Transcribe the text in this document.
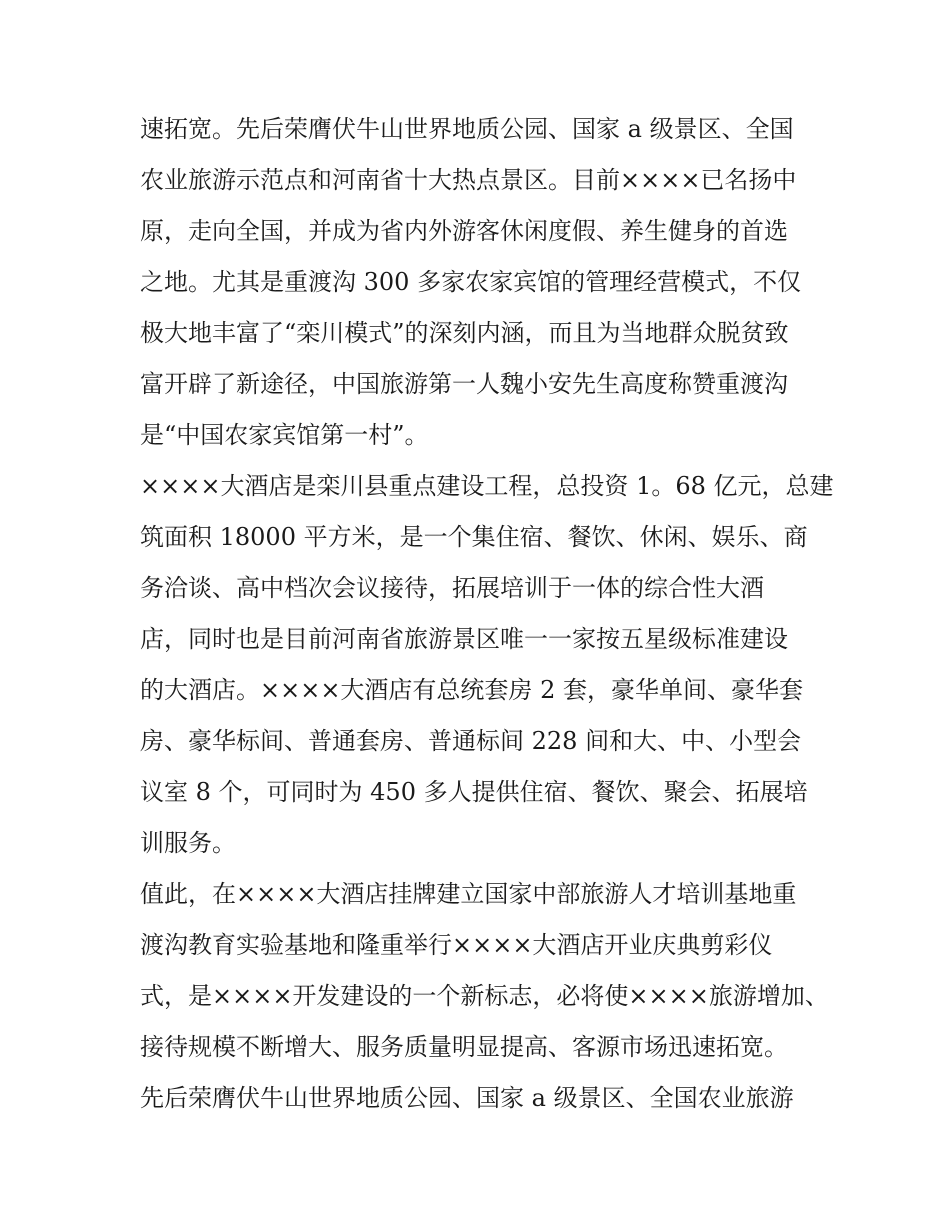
速拓宽。先后荣膺伏牛山世界地质公园、国家 a 级景区、全国
农业旅游示范点和河南省十大热点景区。目前××××已名扬中
原，走向全国，并成为省内外游客休闲度假、养生健身的首选
之地。尤其是重渡沟 300 多家农家宾馆的管理经营模式，不仅
极大地丰富了“栾川模式”的深刻内涵，而且为当地群众脱贫致
富开辟了新途径，中国旅游第一人魏小安先生高度称赞重渡沟
是“中国农家宾馆第一村”。
××××大酒店是栾川县重点建设工程，总投资 1。68 亿元，总建
筑面积 18000 平方米，是一个集住宿、餐饮、休闲、娱乐、商
务洽谈、高中档次会议接待，拓展培训于一体的综合性大酒
店，同时也是目前河南省旅游景区唯一一家按五星级标准建设
的大酒店。××××大酒店有总统套房 2 套，豪华单间、豪华套
房、豪华标间、普通套房、普通标间 228 间和大、中、小型会
议室 8 个，可同时为 450 多人提供住宿、餐饮、聚会、拓展培
训服务。
值此，在××××大酒店挂牌建立国家中部旅游人才培训基地重
渡沟教育实验基地和隆重举行××××大酒店开业庆典剪彩仪
式，是××××开发建设的一个新标志，必将使××××旅游增加、
接待规模不断增大、服务质量明显提高、客源市场迅速拓宽。
先后荣膺伏牛山世界地质公园、国家 a 级景区、全国农业旅游
